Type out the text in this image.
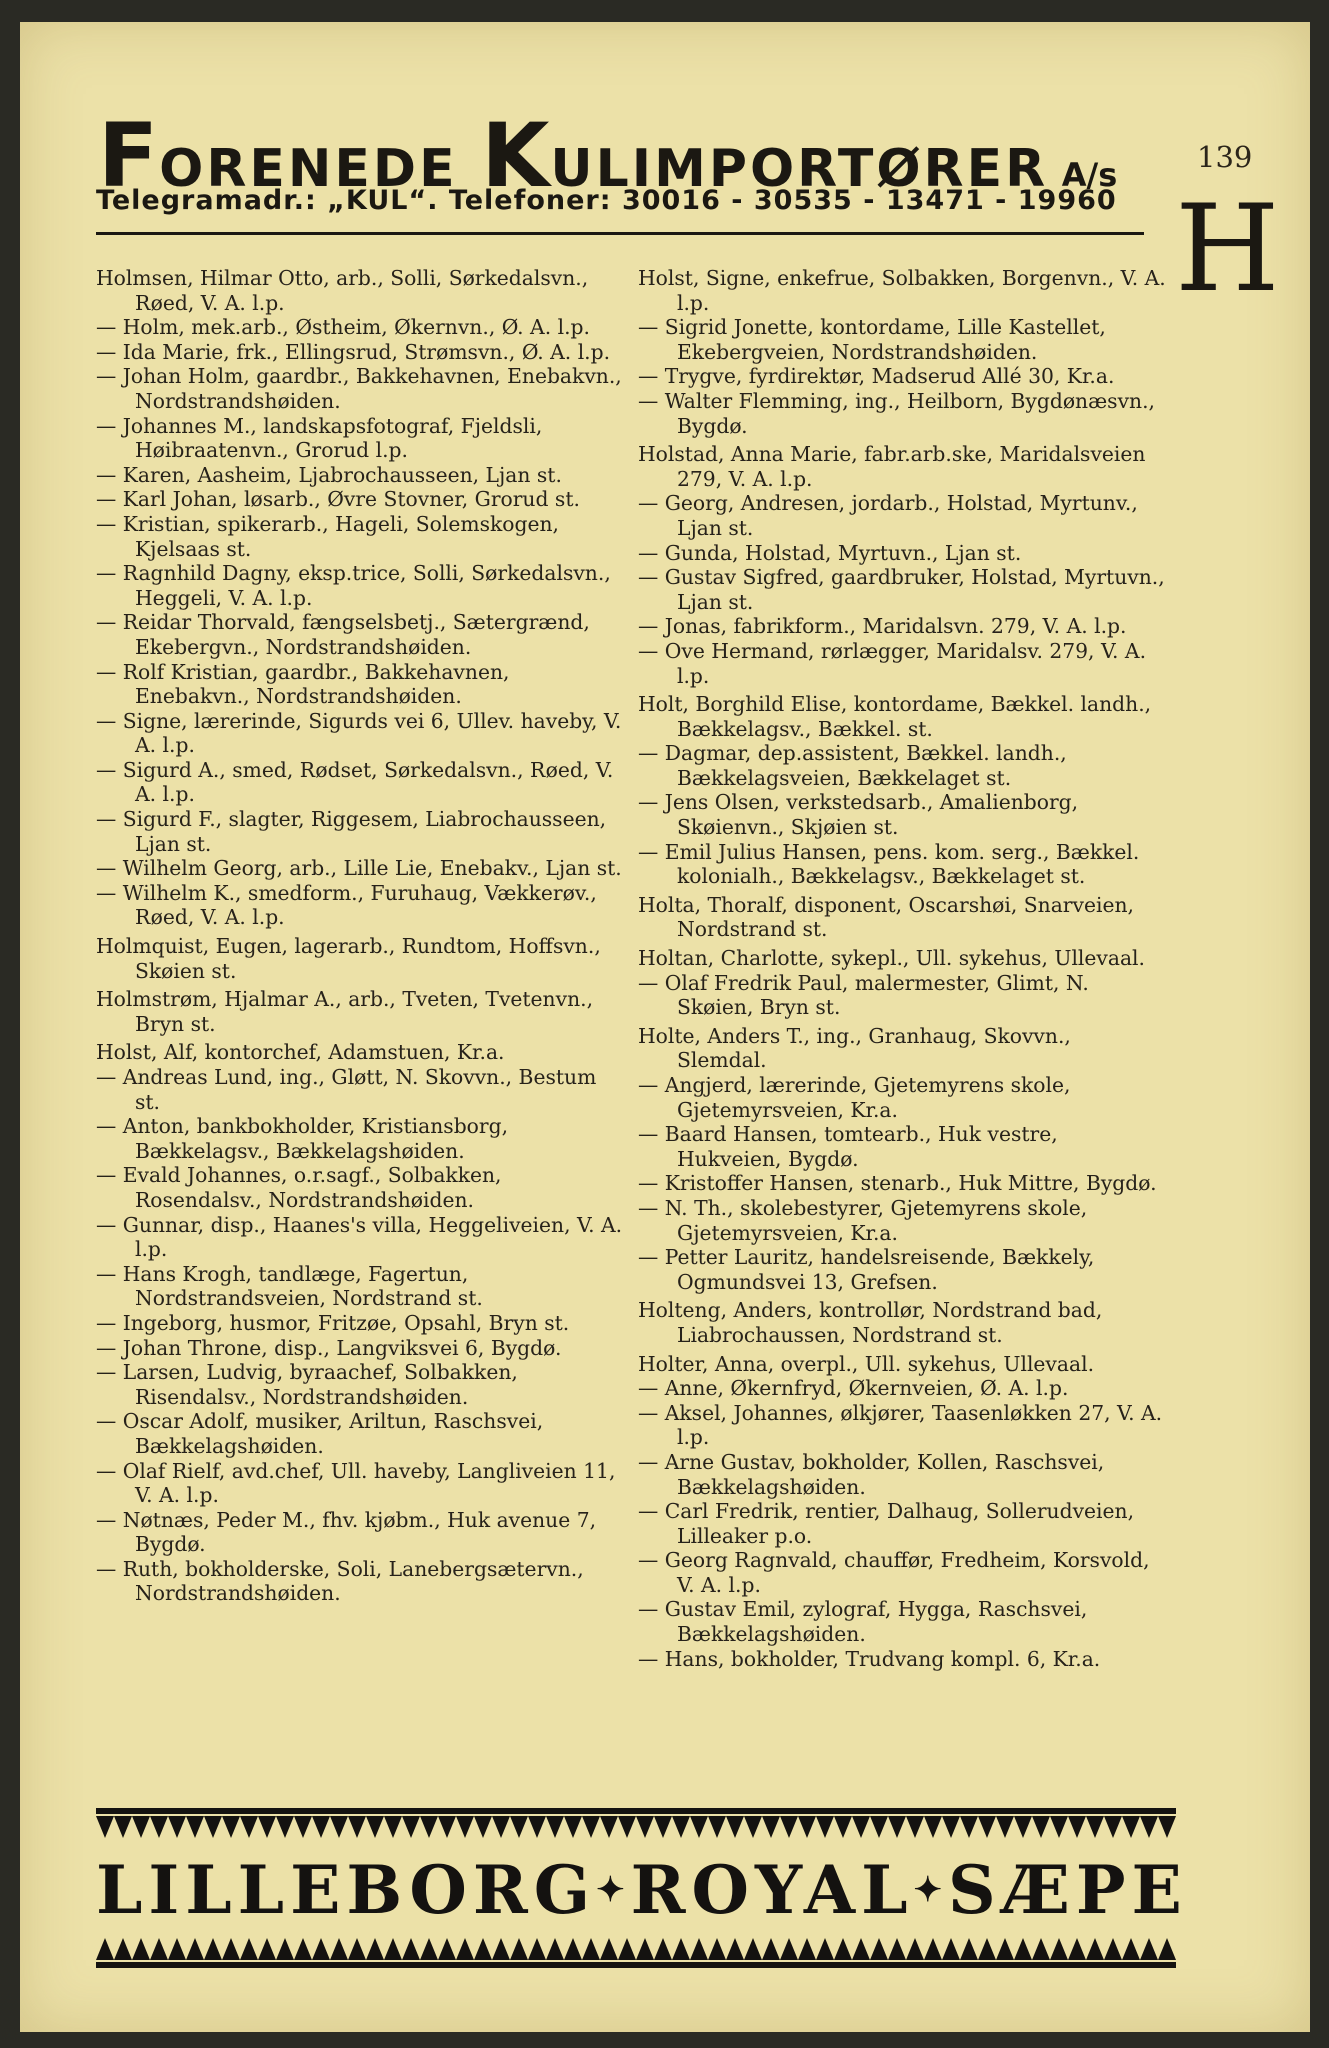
FORENEDE KULIMPORTØRER A/s	139
H
Telegramadr.: „KUL“. Telefoner: 30016 - 30535 - 13471 - 19960

Holmsen, Hilmar Otto, arb., Solli, Sørkedalsvn., Røed, V. A. l.p.

— Holm, mek.arb., Østheim, Økernvn., Ø. A. l.p.

— Ida Marie, frk., Ellingsrud, Strømsvn., Ø. A. l.p.

— Johan Holm, gaardbr., Bakkehavnen, Enebakvn., Nordstrandshøiden.

— Johannes M., landskapsfotograf, Fjeldsli, Høibraatenvn., Grorud l.p.

— Karen, Aasheim, Ljabrochausseen, Ljan st.

— Karl Johan, løsarb., Øvre Stovner, Grorud st.

— Kristian, spikerarb., Hageli, Solemskogen, Kjelsaas st.

— Ragnhild Dagny, eksp.trice, Solli, Sørkedalsvn., Heggeli, V. A. l.p.

— Reidar Thorvald, fængselsbetj., Sætergrænd, Ekebergvn., Nordstrandshøiden.

— Rolf Kristian, gaardbr., Bakkehavnen, Enebakvn., Nordstrandshøiden.

— Signe, lærerinde, Sigurds vei 6, Ullev. haveby, V. A. l.p.

— Sigurd A., smed, Rødset, Sørkedalsvn., Røed, V. A. l.p.

— Sigurd F., slagter, Riggesem, Liabrochausseen, Ljan st.

— Wilhelm Georg, arb., Lille Lie, Enebakv., Ljan st.

— Wilhelm K., smedform., Furuhaug, Vækkerøv., Røed, V. A. l.p.

Holmquist, Eugen, lagerarb., Rundtom, Hoffsvn., Skøien st.

Holmstrøm, Hjalmar A., arb., Tveten, Tvetenvn., Bryn st.

Holst, Alf, kontorchef, Adamstuen, Kr.a.

— Andreas Lund, ing., Gløtt, N. Skovvn., Bestum st.

— Anton, bankbokholder, Kristiansborg, Bækkelagsv., Bækkelagshøiden.

— Evald Johannes, o.r.sagf., Solbakken, Rosendalsv., Nordstrandshøiden.

— Gunnar, disp., Haanes's villa, Heggeliveien, V. A. l.p.

— Hans Krogh, tandlæge, Fagertun, Nordstrandsveien, Nordstrand st.

— Ingeborg, husmor, Fritzøe, Opsahl, Bryn st.

— Johan Throne, disp., Langviksvei 6, Bygdø.

— Larsen, Ludvig, byraachef, Solbakken, Risendalsv., Nordstrandshøiden.

— Oscar Adolf, musiker, Ariltun, Raschsvei, Bækkelagshøiden.

— Olaf Rielf, avd.chef, Ull. haveby, Langliveien 11, V. A. l.p.

— Nøtnæs, Peder M., fhv. kjøbm., Huk avenue 7, Bygdø.

— Ruth, bokholderske, Soli, Lanebergsætervn., Nordstrandshøiden.

Holst, Signe, enkefrue, Solbakken, Borgenvn., V. A. l.p.

— Sigrid Jonette, kontordame, Lille Kastellet, Ekebergveien, Nordstrandshøiden.

— Trygve, fyrdirektør, Madserud Allé 30, Kr.a.

— Walter Flemming, ing., Heilborn, Bygdønæsvn., Bygdø.

Holstad, Anna Marie, fabr.arb.ske, Maridalsveien 279, V. A. l.p.

— Georg, Andresen, jordarb., Holstad, Myrtunv., Ljan st.

— Gunda, Holstad, Myrtuvn., Ljan st.

— Gustav Sigfred, gaardbruker, Holstad, Myrtuvn., Ljan st.

— Jonas, fabrikform., Maridalsvn. 279, V. A. l.p.

— Ove Hermand, rørlægger, Maridalsv. 279, V. A. l.p.

Holt, Borghild Elise, kontordame, Bækkel. landh., Bækkelagsv., Bækkel. st.

— Dagmar, dep.assistent, Bækkel. landh., Bækkelagsveien, Bækkelaget st.

— Jens Olsen, verkstedsarb., Amalienborg, Skøienvn., Skjøien st.

— Emil Julius Hansen, pens. kom. serg., Bækkel. kolonialh., Bækkelagsv., Bækkelaget st.

Holta, Thoralf, disponent, Oscarshøi, Snarveien, Nordstrand st.

Holtan, Charlotte, sykepl., Ull. sykehus, Ullevaal.

— Olaf Fredrik Paul, malermester, Glimt, N. Skøien, Bryn st.

Holte, Anders T., ing., Granhaug, Skovvn., Slemdal.

— Angjerd, lærerinde, Gjetemyrens skole, Gjetemyrsveien, Kr.a.

— Baard Hansen, tomtearb., Huk vestre, Hukveien, Bygdø.

— Kristoffer Hansen, stenarb., Huk Mittre, Bygdø.

— N. Th., skolebestyrer, Gjetemyrens skole, Gjetemyrsveien, Kr.a.

— Petter Lauritz, handelsreisende, Bækkely, Ogmundsvei 13, Grefsen.

Holteng, Anders, kontrollør, Nordstrand bad, Liabrochaussen, Nordstrand st.

Holter, Anna, overpl., Ull. sykehus, Ullevaal.

— Anne, Økernfryd, Økernveien, Ø. A. l.p.

— Aksel, Johannes, ølkjører, Taasenløkken 27, V. A. l.p.

— Arne Gustav, bokholder, Kollen, Raschsvei, Bækkelagshøiden.

— Carl Fredrik, rentier, Dalhaug, Sollerudveien, Lilleaker p.o.

— Georg Ragnvald, chauffør, Fredheim, Korsvold, V. A. l.p.

— Gustav Emil, zylograf, Hygga, Raschsvei, Bækkelagshøiden.

— Hans, bokholder, Trudvang kompl. 6, Kr.a.

LILLEBORG ✦ ROYAL ✦ SÆPE
